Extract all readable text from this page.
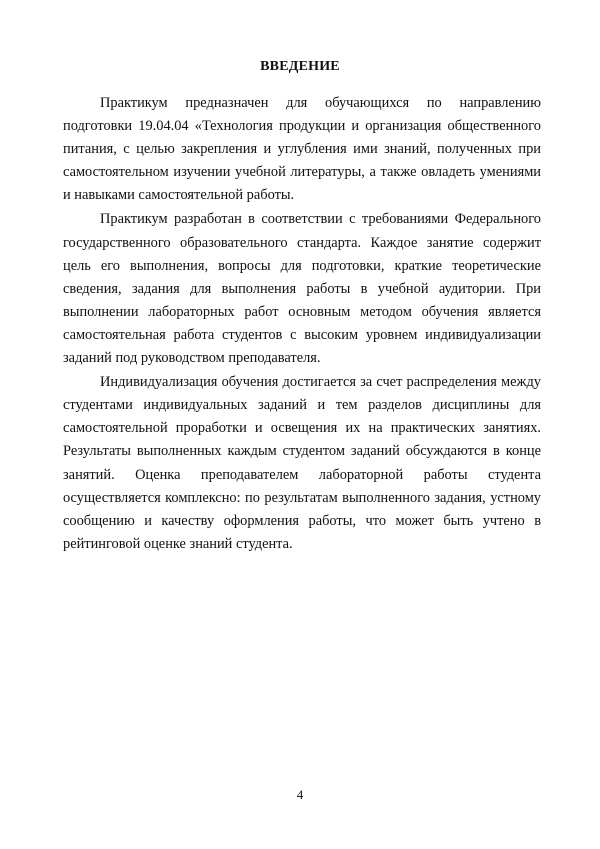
ВВЕДЕНИЕ

Практикум предназначен для обучающихся по направлению подготовки 19.04.04 «Технология продукции и организация общественного питания, с целью закрепления и углубления ими знаний, полученных при самостоятельном изучении учебной литературы, а также овладеть умениями и навыками самостоятельной работы.

Практикум разработан в соответствии с требованиями Федерального государственного образовательного стандарта. Каждое занятие содержит цель его выполнения, вопросы для подготовки, краткие теоретические сведения, задания для выполнения работы в учебной аудитории. При выполнении лабораторных работ основным методом обучения является самостоятельная работа студентов с высоким уровнем индивидуализации заданий под руководством преподавателя.

Индивидуализация обучения достигается за счет распределения между студентами индивидуальных заданий и тем разделов дисциплины для самостоятельной проработки и освещения их на практических занятиях. Результаты выполненных каждым студентом заданий обсуждаются в конце занятий. Оценка преподавателем лабораторной работы студента осуществляется комплексно: по результатам выполненного задания, устному сообщению и качеству оформления работы, что может быть учтено в рейтинговой оценке знаний студента.

4
